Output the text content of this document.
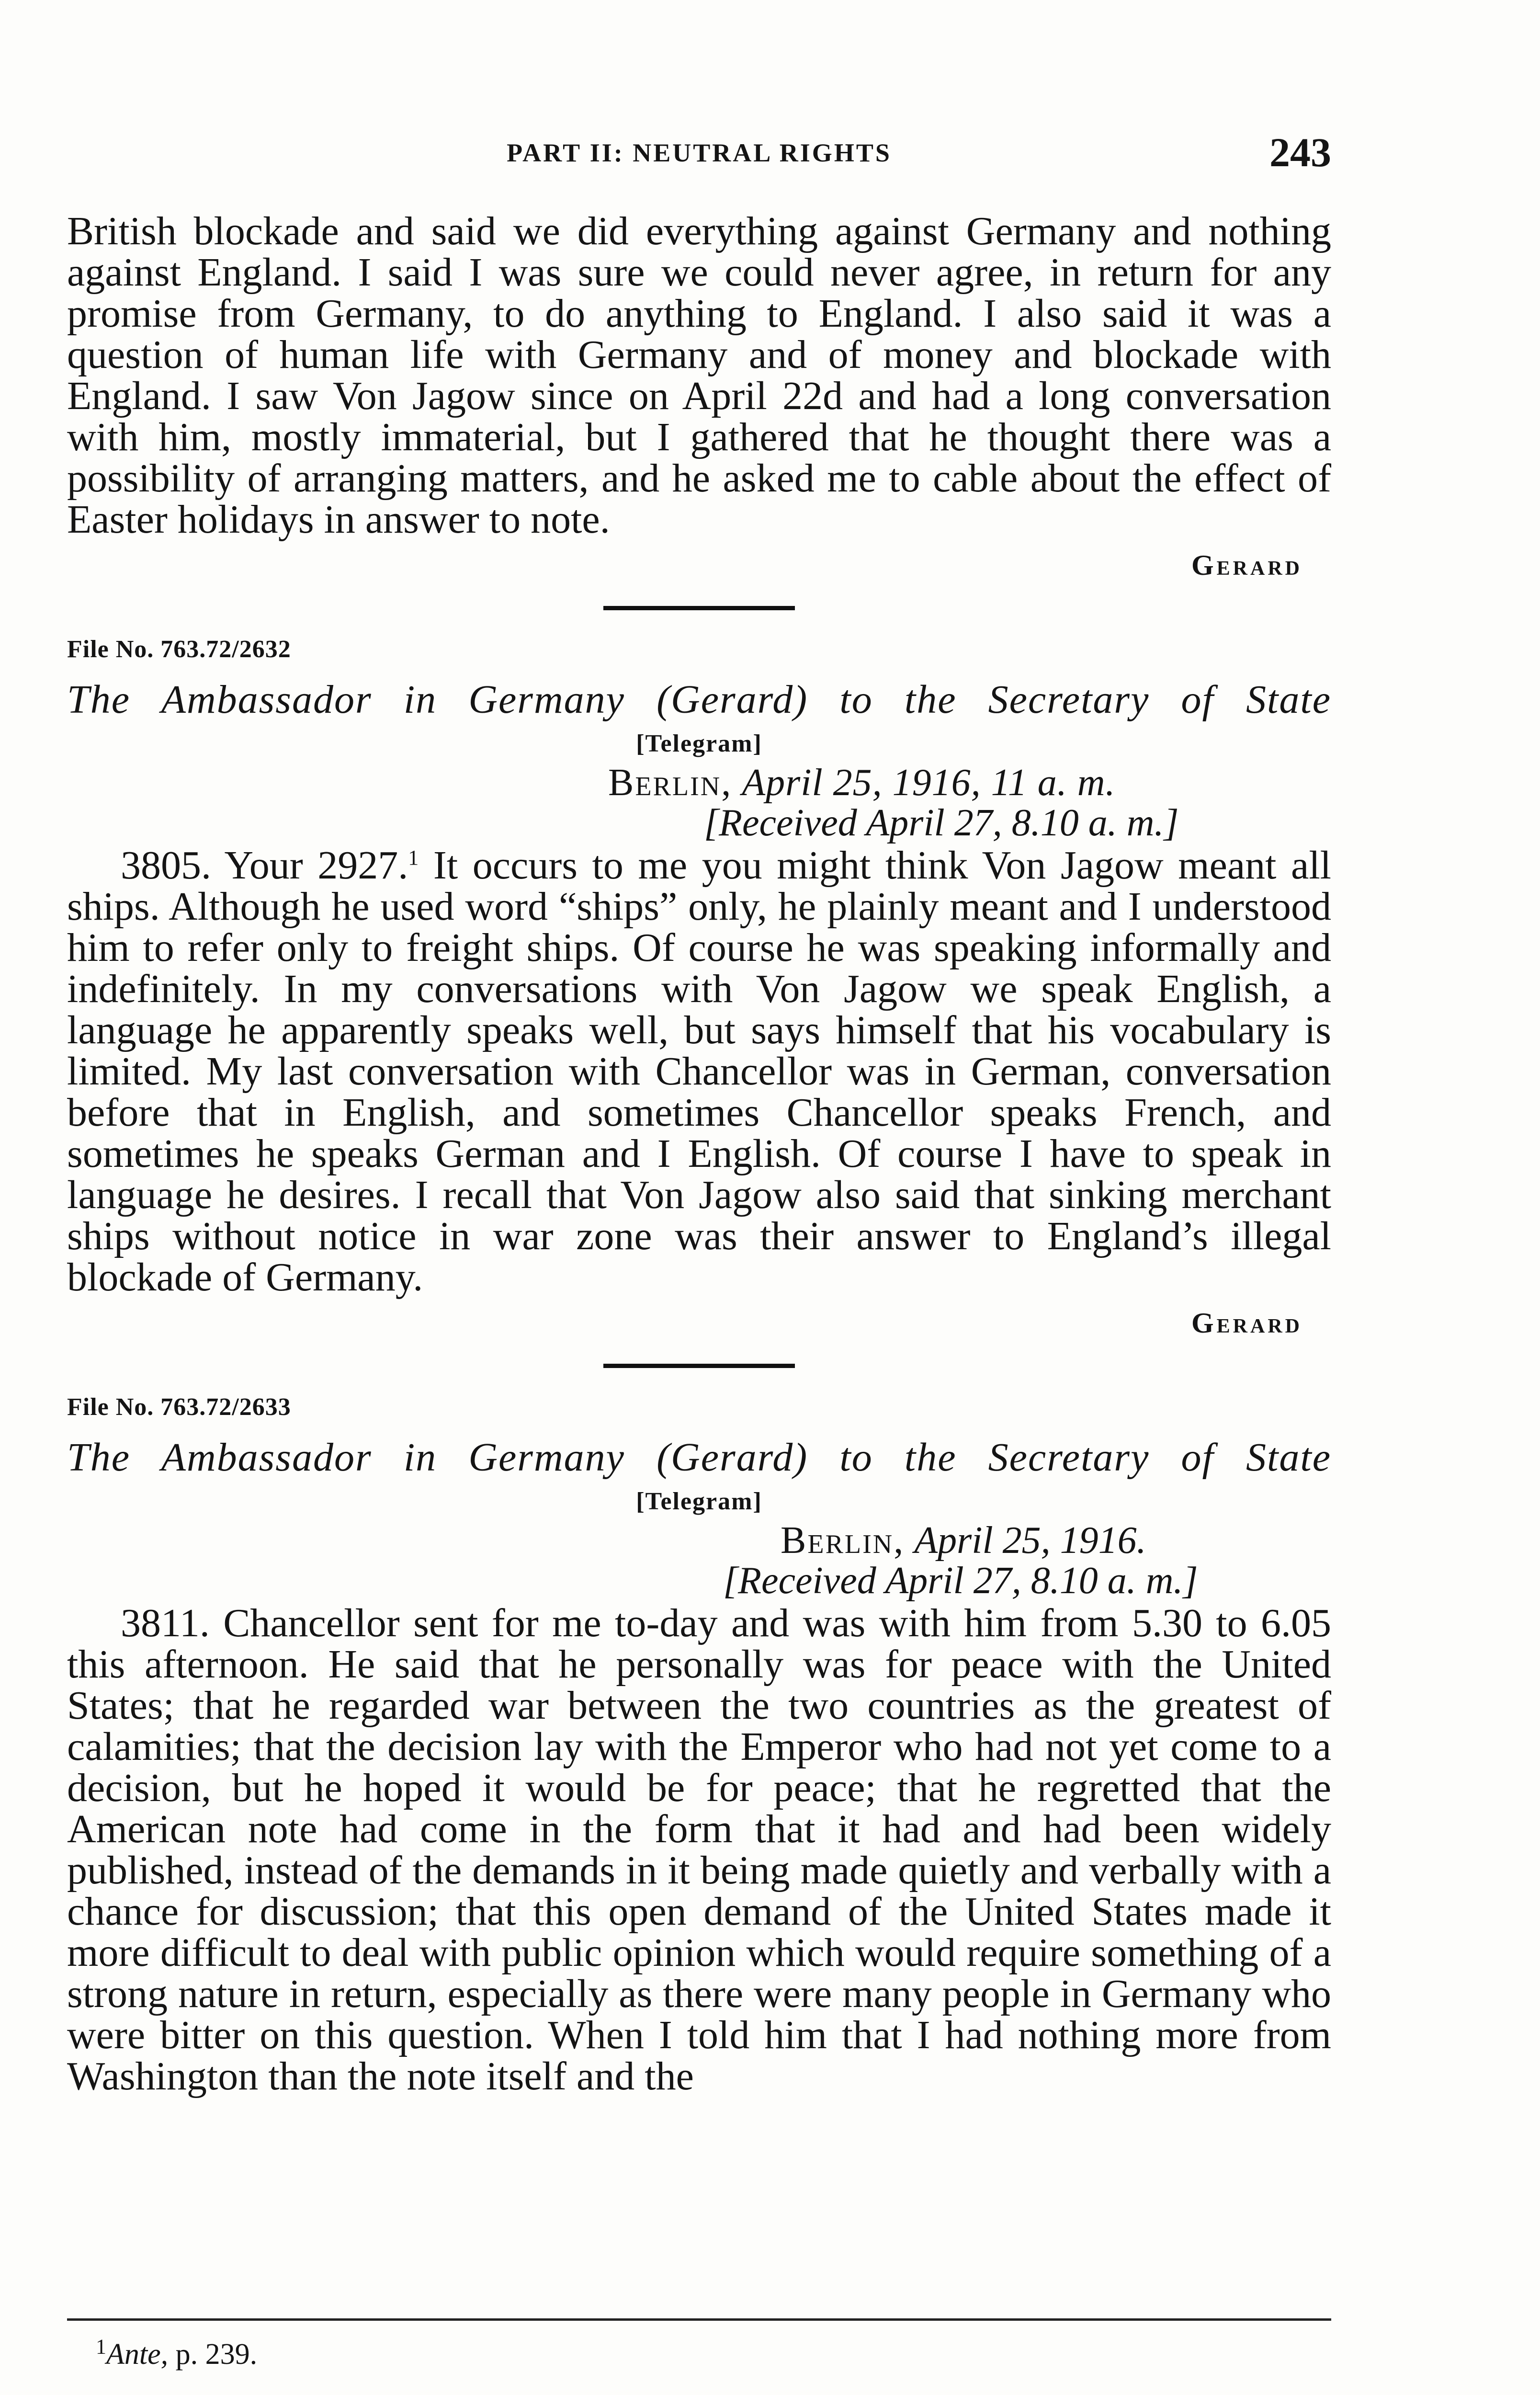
PART II: NEUTRAL RIGHTS	243

British blockade and said we did everything against Germany and nothing against England. I said I was sure we could never agree, in return for any promise from Germany, to do anything to England. I also said it was a question of human life with Germany and of money and blockade with England. I saw Von Jagow since on April 22d and had a long conversation with him, mostly immaterial, but I gathered that he thought there was a possibility of arranging matters, and he asked me to cable about the effect of Easter holidays in answer to note.

Gerard
File No. 763.72/2632
The Ambassador in Germany (Gerard) to the Secretary of State
[Telegram]
Berlin, April 25, 1916, 11 a. m.
[Received April 27, 8.10 a. m.]

3805. Your 2927.$^1$ It occurs to me you might think Von Jagow meant all ships. Although he used word “ships” only, he plainly meant and I understood him to refer only to freight ships. Of course he was speaking informally and indefinitely. In my conversations with Von Jagow we speak English, a language he apparently speaks well, but says himself that his vocabulary is limited. My last conversation with Chancellor was in German, conversation before that in English, and sometimes Chancellor speaks French, and sometimes he speaks German and I English. Of course I have to speak in language he desires. I recall that Von Jagow also said that sinking merchant ships without notice in war zone was their answer to England’s illegal blockade of Germany.

Gerard
File No. 763.72/2633
The Ambassador in Germany (Gerard) to the Secretary of State
[Telegram]
Berlin, April 25, 1916.
[Received April 27, 8.10 a. m.]

3811. Chancellor sent for me to-day and was with him from 5.30 to 6.05 this afternoon. He said that he personally was for peace with the United States; that he regarded war between the two countries as the greatest of calamities; that the decision lay with the Emperor who had not yet come to a decision, but he hoped it would be for peace; that he regretted that the American note had come in the form that it had and had been widely published, instead of the demands in it being made quietly and verbally with a chance for discussion; that this open demand of the United States made it more difficult to deal with public opinion which would require something of a strong nature in return, especially as there were many people in Germany who were bitter on this question. When I told him that I had nothing more from Washington than the note itself and the

$^1$Ante, p. 239.
